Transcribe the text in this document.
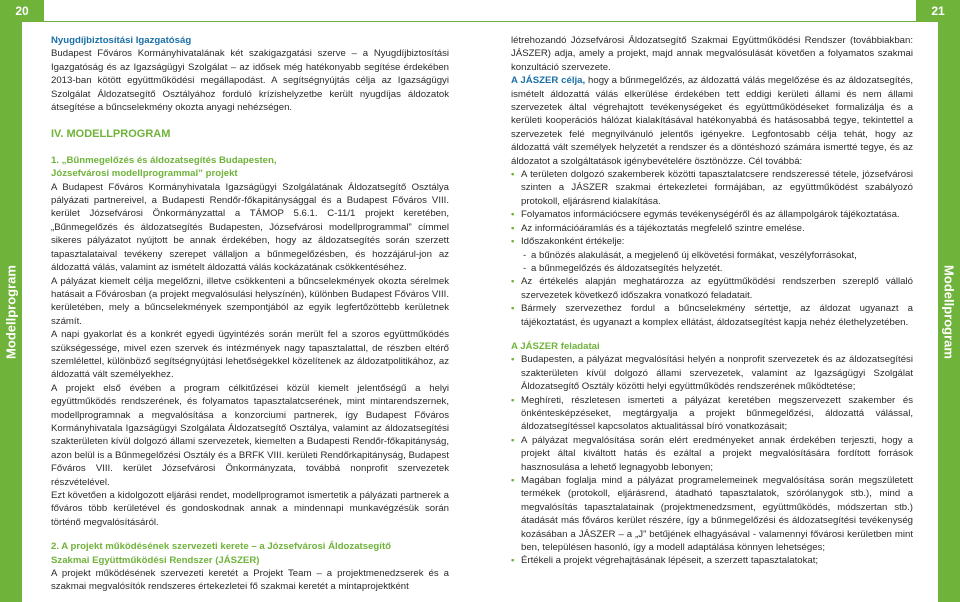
20	21
Modellprogram	Modellprogram

Nyugdíjbiztosítási Igazgatóság

Budapest Főváros Kormányhivatalának két szakigazgatási szerve – a Nyugdíjbiztosítási Igazgatóság és az Igazságügyi Szolgálat – az idősek még hatékonyabb segítése érdekében 2013-ban kötött együttműködési megállapodást. A segítségnyújtás célja az Igazságügyi Szolgálat Áldozatsegítő Osztályához forduló krízishelyzetbe került nyugdíjas áldozatok átsegítése a bűncselekmény okozta anyagi nehézségen.

IV. MODELLPROGRAM

1. „Bűnmegelőzés és áldozatsegítés Budapesten,

Józsefvárosi modellprogrammal” projekt

A Budapest Főváros Kormányhivatala Igazságügyi Szolgálatának Áldozatsegítő Osztálya pályázati partnereivel, a Budapesti Rendőr-főkapitánysággal és a Budapest Főváros VIII. kerület Józsefvárosi Önkormányzattal a TÁMOP 5.6.1. C-11/1 projekt keretében, „Bűnmegelőzés és áldozatsegítés Budapesten, Józsefvárosi modellprogrammal” címmel sikeres pályázatot nyújtott be annak érdekében, hogy az áldozatsegítés során szerzett tapasztalataival tevékeny szerepet vállaljon a bűnmegelőzésben, és hozzájárul-jon az áldozattá válás, valamint az ismételt áldozattá válás kockázatának csökkentéséhez.

A pályázat kiemelt célja megelőzni, illetve csökkenteni a bűncselekmények okozta sérelmek hatásait a Fővárosban (a projekt megvalósulási helyszínén), különben Budapest Főváros VIII. kerületében, mely a bűncselekmények szempontjából az egyik legfertőzöttebb kerületnek számít.

A napi gyakorlat és a konkrét egyedi ügyintézés során merült fel a szoros együttműködés szükségessége, mivel ezen szervek és intézmények nagy tapasztalattal, de részben eltérő szemlélettel, különböző segítségnyújtási lehetőségekkel közelítenek az áldozatpolitikához, az áldozattá vált személyekhez.

A projekt első évében a program célkitűzései közül kiemelt jelentőségű a helyi együttműködés rendszerének, és folyamatos tapasztalatcserének, mint mintarendszernek, modellprogramnak a megvalósítása a konzorciumi partnerek, így Budapest Főváros Kormányhivatala Igazságügyi Szolgálata Áldozatsegítő Osztálya, valamint az áldozatsegítési szakterületen kívül dolgozó állami szervezetek, kiemelten a Budapesti Rendőr-főkapitányság, azon belül is a Bűnmegelőzési Osztály és a BRFK VIII. kerületi Rendőrkapitányság, Budapest Főváros VIII. kerület Józsefvárosi Önkormányzata, továbbá nonprofit szervezetek részvételével.

Ezt követően a kidolgozott eljárási rendet, modellprogramot ismertetik a pályázati partnerek a főváros több kerületével és gondoskodnak annak a mindennapi munkavégzésük során történő megvalósításáról.

2. A projekt működésének szervezeti kerete – a Józsefvárosi Áldozatsegítő

Szakmai Együttműködési Rendszer (JÁSZER)

A projekt működésének szervezeti keretét a Projekt Team – a projektmenedzserek és a szakmai megvalósítók rendszeres értekezletei fő szakmai keretét a mintaprojektként

létrehozandó Józsefvárosi Áldozatsegítő Szakmai Együttműködési Rendszer (továbbiakban: JÁSZER) adja, amely a projekt, majd annak megvalósulását követően a folyamatos szakmai konzultáció szervezete.

A JÁSZER célja, hogy a bűnmegelőzés, az áldozattá válás megelőzése és az áldozatsegítés, ismételt áldozattá válás elkerülése érdekében tett eddigi kerületi állami és nem állami szervezetek által végrehajtott tevékenységeket és együttműködéseket formalizálja és a kerületi kooperációs hálózat kialakításával hatékonyabbá és hatásosabbá tegye, tekintettel a szervezetek felé megnyilvánuló jelentős igényekre. Legfontosabb célja tehát, hogy az áldozattá vált személyek helyzetét a rendszer és a döntéshozó számára ismertté tegye, és az áldozatot a szolgáltatások igénybevételére ösztönözze. Cél továbbá:

• A területen dolgozó szakemberek közötti tapasztalatcsere rendszeressé tétele, józsefvárosi szinten a JÁSZER szakmai értekezletei formájában, az együttműködést szabályozó protokoll, eljárásrend kialakítása.
• Folyamatos információcsere egymás tevékenységéről és az állampolgárok tájékoztatása.
• Az információáramlás és a tájékoztatás megfelelő szintre emelése.
• Időszakonként értékelje:
- a bűnözés alakulását, a megjelenő új elkövetési formákat, veszélyforrásokat,
- a bűnmegelőzés és áldozatsegítés helyzetét.
• Az értékelés alapján meghatározza az együttműködési rendszerben szereplő vállaló szervezetek következő időszakra vonatkozó feladatait.
• Bármely szervezethez fordul a bűncselekmény sértettje, az áldozat ugyanazt a tájékoztatást, és ugyanazt a komplex ellátást, áldozatsegítést kapja nehéz élethelyzetében.

A JÁSZER feladatai

• Budapesten, a pályázat megvalósítási helyén a nonprofit szervezetek és az áldozatsegítési szakterületen kívül dolgozó állami szervezetek, valamint az Igazságügyi Szolgálat Áldozatsegítő Osztály közötti helyi együttműködés rendszerének működtetése;
• Meghíreti, részletesen ismerteti a pályázat keretében megszervezett szakember és önkéntesképzéseket, megtárgyalja a projekt bűnmegelőzési, áldozattá válással, áldozatsegítéssel kapcsolatos aktualitással bíró vonatkozásait;
• A pályázat megvalósítása során elért eredményeket annak érdekében terjeszti, hogy a projekt által kiváltott hatás és ezáltal a projekt megvalósítására fordított források hasznosulása a lehető legnagyobb lebonyen;
• Magában foglalja mind a pályázat programelemeinek megvalósítása során megszületett termékek (protokoll, eljárásrend, átadható tapasztalatok, szórólanygok stb.), mind a megvalósítás tapasztalatainak (projektmenedzsment, együttműködés, módszertan stb.) átadását más főváros kerület részére, így a bűnmegelőzési és áldozatsegítési tevékenység kozásában a JÁSZER – a „J” betűjének elhagyásával - valamennyi fővárosi kerületben mint ben, településen hasonló, így a modell adaptálása könnyen lehetséges;
• Értékeli a projekt végrehajtásának lépéseit, a szerzett tapasztalatokat;
